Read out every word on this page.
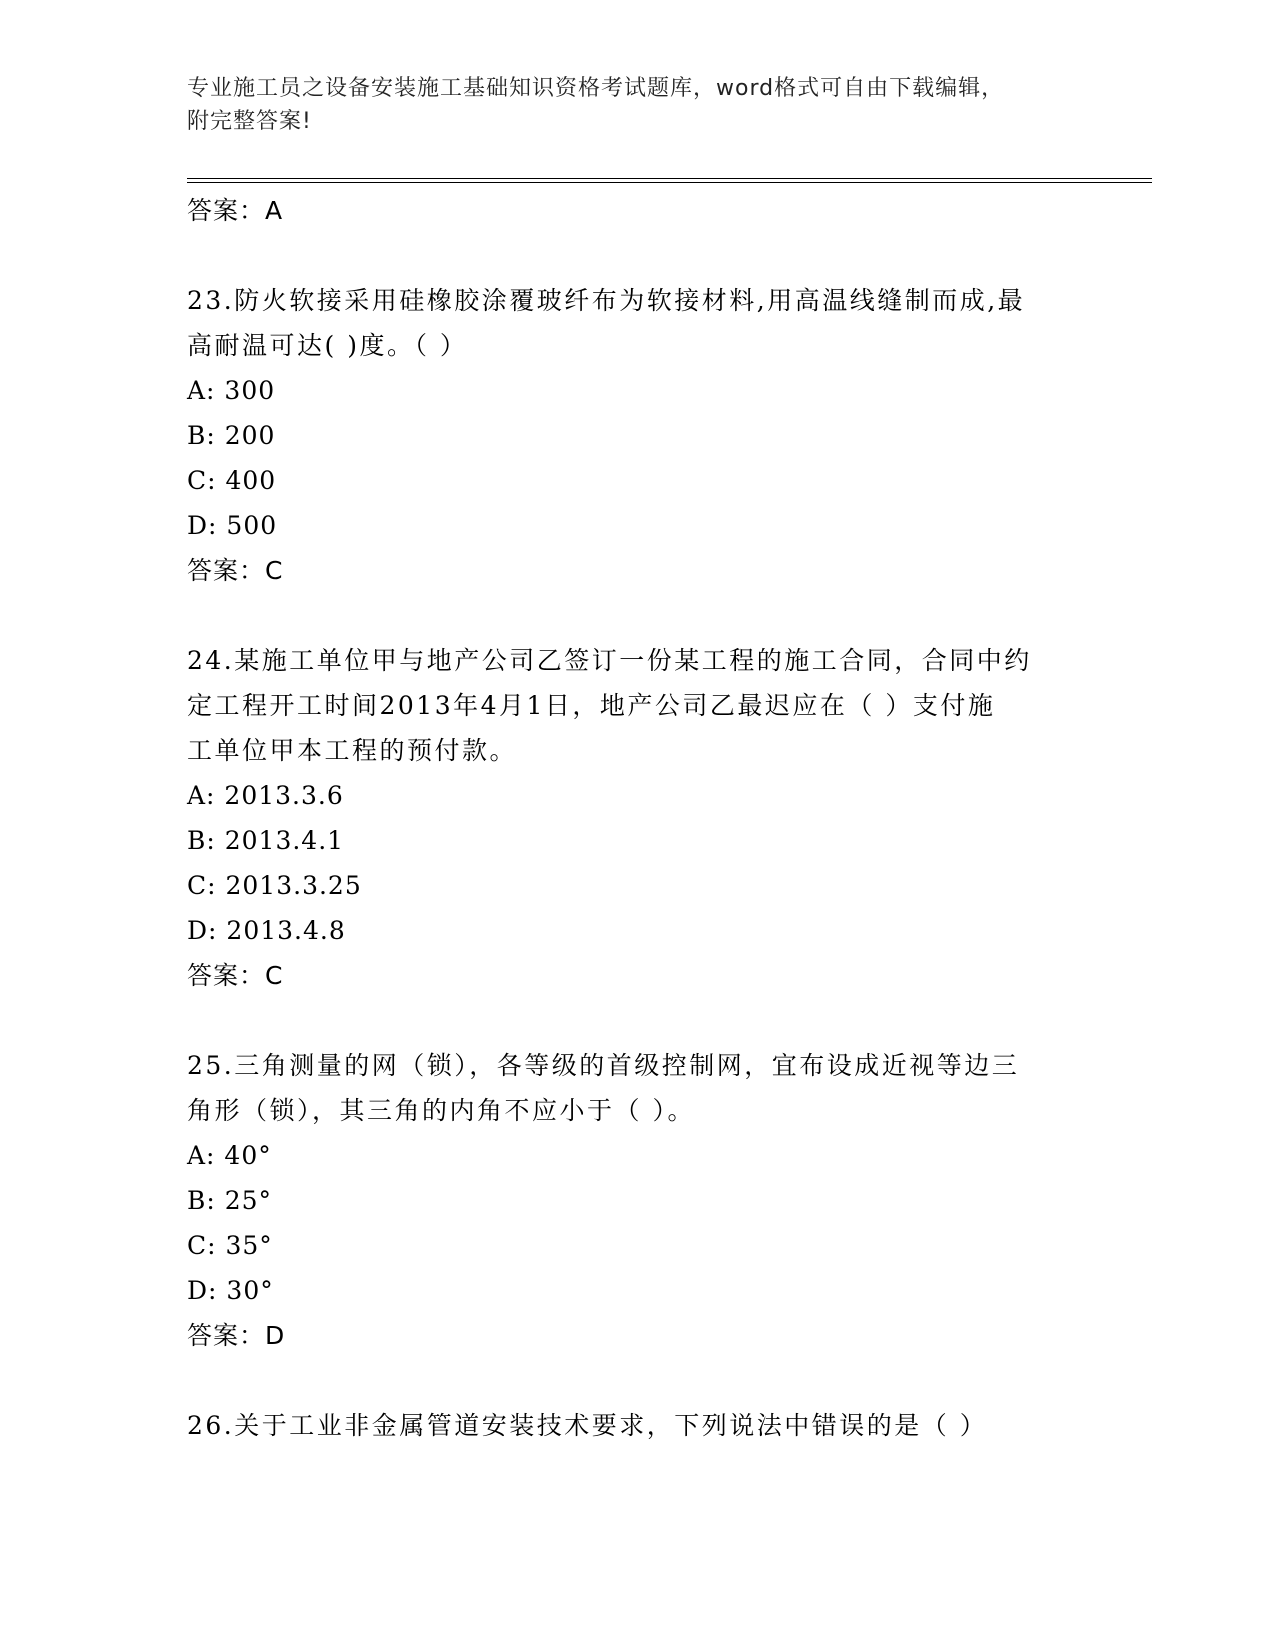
专业施工员之设备安装施工基础知识资格考试题库，word格式可自由下载编辑，
附完整答案!
答案：A
23.防火软接采用硅橡胶涂覆玻纤布为软接材料,用高温线缝制而成,最
高耐温可达( )度。（ ）
A: 300
B: 200
C: 400
D: 500
答案：C
24.某施工单位甲与地产公司乙签订一份某工程的施工合同，合同中约
定工程开工时间2013年4月1日，地产公司乙最迟应在（ ）支付施
工单位甲本工程的预付款。
A: 2013.3.6
B: 2013.4.1
C: 2013.3.25
D: 2013.4.8
答案：C
25.三角测量的网（锁），各等级的首级控制网，宜布设成近视等边三
角形（锁），其三角的内角不应小于（ ）。
A: 40°
B: 25°
C: 35°
D: 30°
答案：D
26.关于工业非金属管道安装技术要求，下列说法中错误的是（ ）
